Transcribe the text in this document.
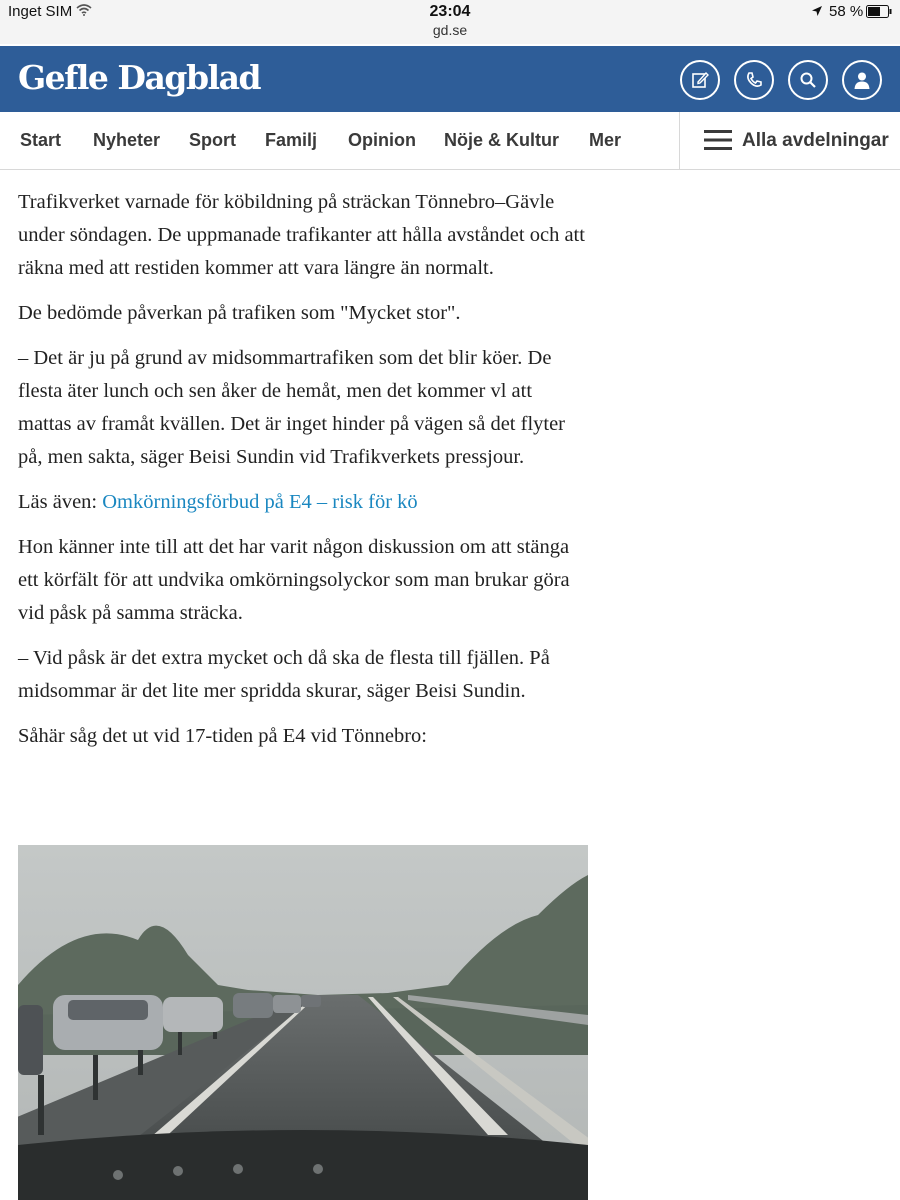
Inget SIM	23:04
gd.se
58 %
Gefle Dagblad
Start Nyheter Sport Familj Opinion Nöje & Kultur Mer	Alla avdelningar

Trafikverket varnade för köbildning på sträckan Tönnebro–Gävle under söndagen. De uppmanade trafikanter att hålla avståndet och att räkna med att restiden kommer att vara längre än normalt.

De bedömde påverkan på trafiken som "Mycket stor".

– Det är ju på grund av midsommartrafiken som det blir köer. De flesta äter lunch och sen åker de hemåt, men det kommer vl att mattas av framåt kvällen. Det är inget hinder på vägen så det flyter på, men sakta, säger Beisi Sundin vid Trafikverkets pressjour.

Läs även: Omkörningsförbud på E4 – risk för kö

Hon känner inte till att det har varit någon diskussion om att stänga ett körfält för att undvika omkörningsolyckor som man brukar göra vid påsk på samma sträcka.

– Vid påsk är det extra mycket och då ska de flesta till fjällen. På midsommar är det lite mer spridda skurar, säger Beisi Sundin.

Såhär såg det ut vid 17-tiden på E4 vid Tönnebro:
